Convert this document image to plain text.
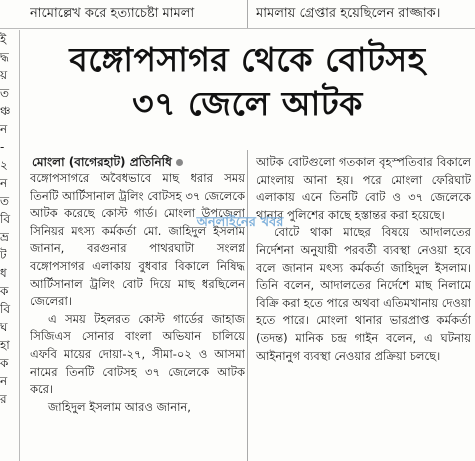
নামোল্লেখ করে হত্যাচেষ্টা মামলা	মামলায় গ্রেপ্তার হয়েছিলেন রাজ্জাক।
ই
দ্ধ
য়
ত
ঞ্চ
ন
-
২
ন
ত
বি
ভ্র
ট
ধ
ক
বি
ঘ
হা
ক
ন
র
বঙ্গোপসাগর থেকে বোটসহ
৩৭ জেলে আটক
মোংলা (বাগেরহাট) প্রতিনিধি

বঙ্গোপসাগরে অবৈধভাবে মাছ ধরার সময় তিনটি আর্টিসানাল ট্রলিং বোটসহ ৩৭ জেলেকে আটক করেছে কোস্ট গার্ড। মোংলা উপজেলা সিনিয়র মৎস্য কর্মকর্তা মো. জাহিদুল ইসলাম জানান, বরগুনার পাথরঘাটা সংলগ্ন বঙ্গোপসাগর এলাকায় বুধবার বিকালে নিষিদ্ধ আর্টিসানাল ট্রলিং বোট দিয়ে মাছ ধরছিলেন জেলেরা।

এ সময় টহলরত কোস্ট গার্ডের জাহাজ সিজিএস সোনার বাংলা অভিযান চালিয়ে এফবি মায়ের দোয়া-২৭, সীমা-০২ ও আসমা নামের তিনটি বোটসহ ৩৭ জেলেকে আটক করে।

জাহিদুল ইসলাম আরও জানান,

আটক বোটগুলো গতকাল বৃহস্পতিবার বিকালে মোংলায় আনা হয়। পরে মোংলা ফেরিঘাট এলাকায় এনে তিনটি বোট ও ৩৭ জেলেকে থানার পুলিশের কাছে হস্তান্তর করা হয়েছে।

বোটে থাকা মাছের বিষয়ে আদালতের নির্দেশনা অনুযায়ী পরবর্তী ব্যবস্থা নেওয়া হবে বলে জানান মৎস্য কর্মকর্তা জাহিদুল ইসলাম। তিনি বলেন, আদালতের নির্দেশে মাছ নিলামে বিক্রি করা হতে পারে অথবা এতিমখানায় দেওয়া হতে পারে। মোংলা থানার ভারপ্রাপ্ত কর্মকর্তা (তদন্ত) মানিক চন্দ্র গাইন বলেন, এ ঘটনায় আইনানুগ ব্যবস্থা নেওয়ার প্রক্রিয়া চলছে।

অনলাইনের খবর
